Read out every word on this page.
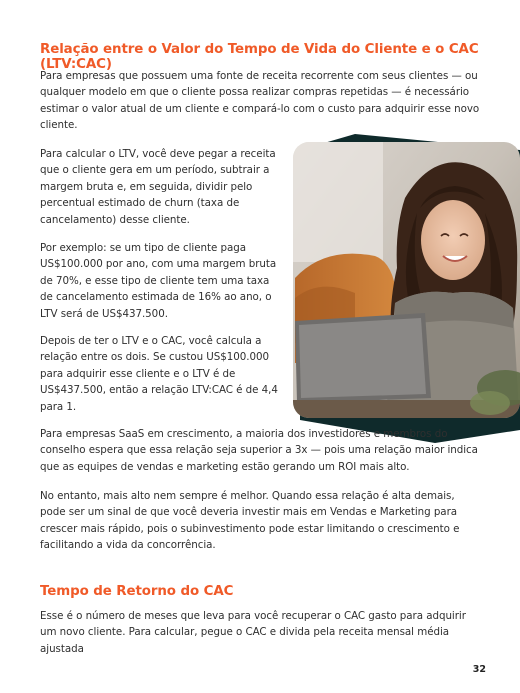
Relação entre o Valor do Tempo de Vida do Cliente e o CAC (LTV:CAC)

Para empresas que possuem uma fonte de receita recorrente com seus clientes — ou qualquer modelo em que o cliente possa realizar compras repetidas — é necessário estimar o valor atual de um cliente e compará-lo com o custo para adquirir esse novo cliente.

Para calcular o LTV, você deve pegar a receita que o cliente gera em um período, subtrair a margem bruta e, em seguida, dividir pelo percentual estimado de churn (taxa de cancelamento) desse cliente.

Por exemplo: se um tipo de cliente paga US$100.000 por ano, com uma margem bruta de 70%, e esse tipo de cliente tem uma taxa de cancelamento estimada de 16% ao ano, o LTV será de US$437.500.

Depois de ter o LTV e o CAC, você calcula a relação entre os dois. Se custou US$100.000 para adquirir esse cliente e o LTV é de US$437.500, então a relação LTV:CAC é de 4,4 para 1.

Para empresas SaaS em crescimento, a maioria dos investidores e membros do conselho espera que essa relação seja superior a 3x — pois uma relação maior indica que as equipes de vendas e marketing estão gerando um ROI mais alto.

No entanto, mais alto nem sempre é melhor. Quando essa relação é alta demais, pode ser um sinal de que você deveria investir mais em Vendas e Marketing para crescer mais rápido, pois o subinvestimento pode estar limitando o crescimento e facilitando a vida da concorrência.

Tempo de Retorno do CAC

Esse é o número de meses que leva para você recuperar o CAC gasto para adquirir um novo cliente. Para calcular, pegue o CAC e divida pela receita mensal média ajustada

32
